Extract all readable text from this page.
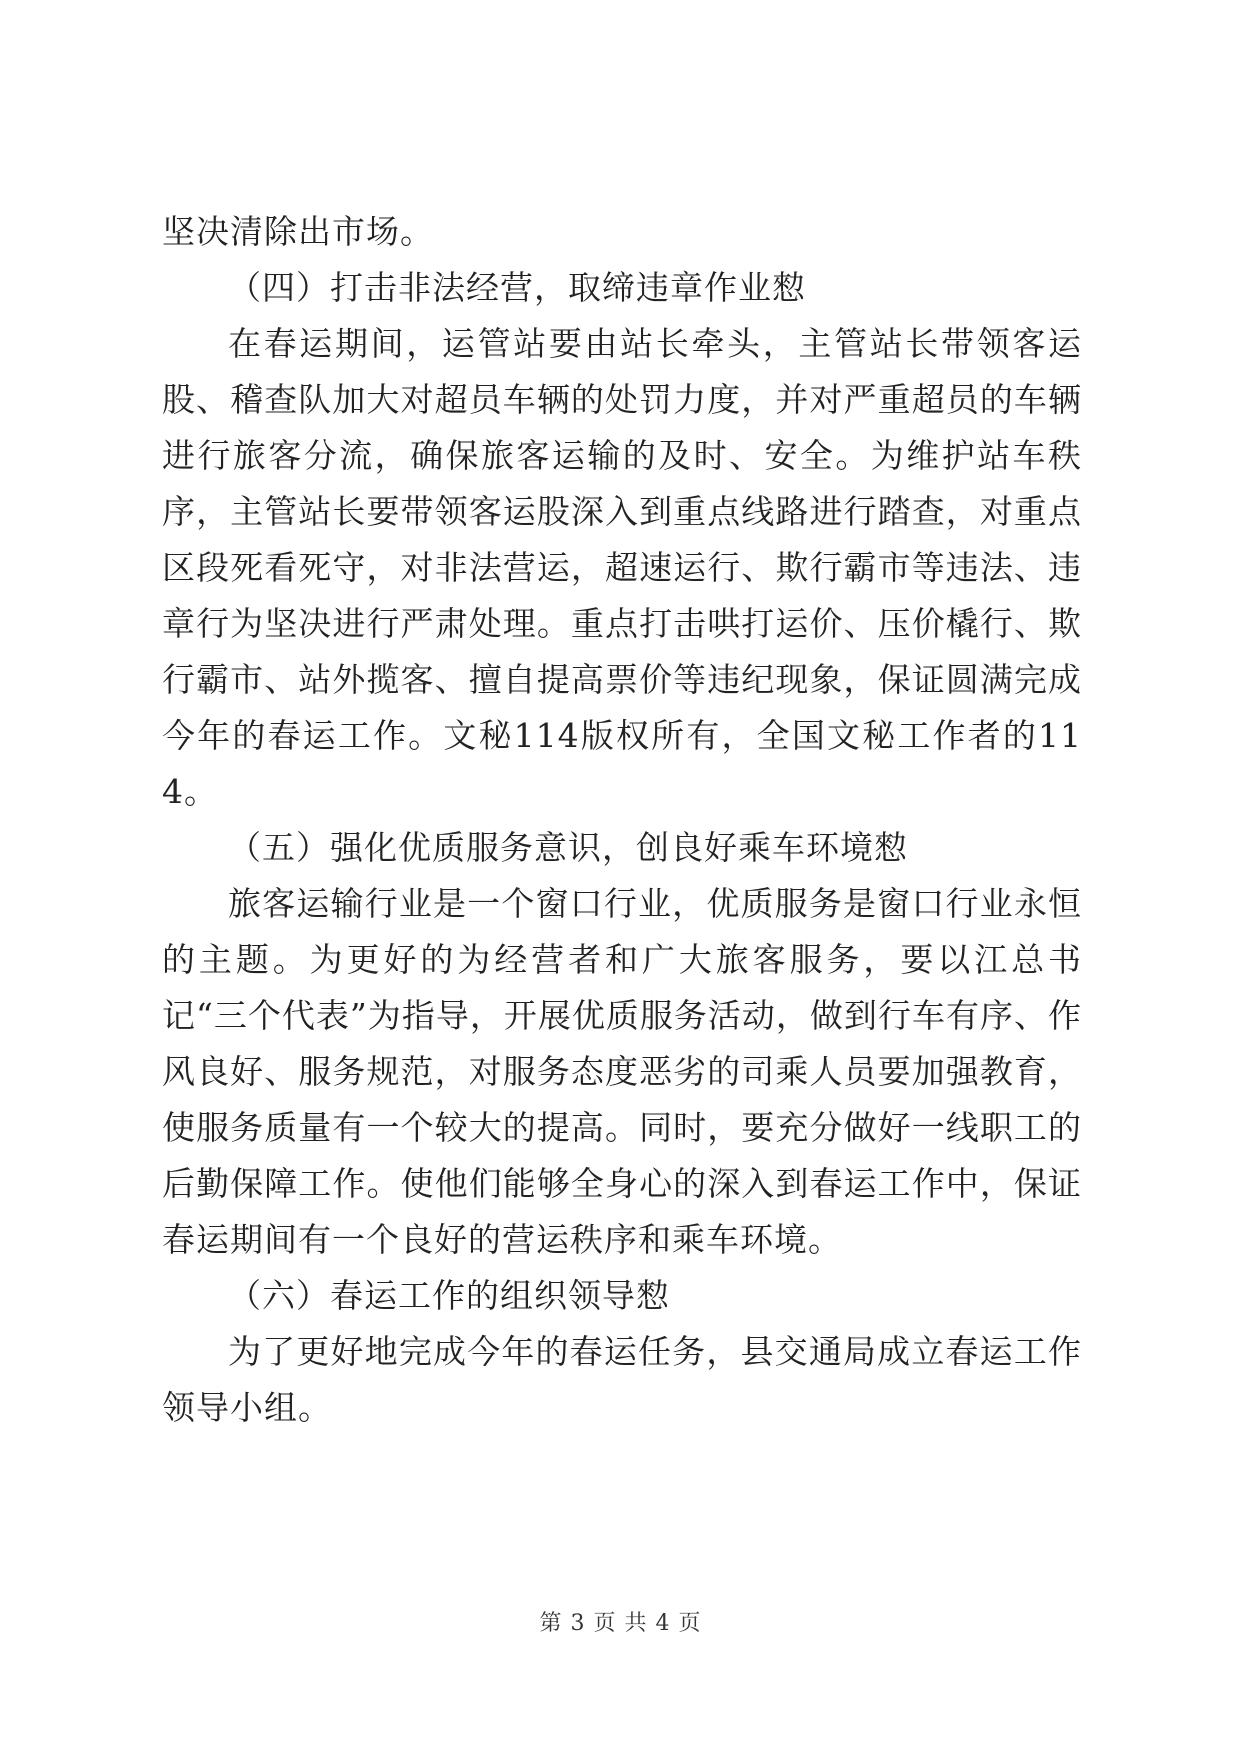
坚决清除出市场。

（四）打击非法经营，取缔违章作业愸

在春运期间，运管站要由站长牵头，主管站长带领客运股、稽查队加大对超员车辆的处罚力度，并对严重超员的车辆进行旅客分流，确保旅客运输的及时、安全。为维护站车秩序，主管站长要带领客运股深入到重点线路进行踏查，对重点区段死看死守，对非法营运，超速运行、欺行霸市等违法、违章行为坚决进行严肃处理。重点打击哄打运价、压价橇行、欺行霸市、站外揽客、擅自提高票价等违纪现象，保证圆满完成今年的春运工作。文秘114版权所有，全国文秘工作者的114。

（五）强化优质服务意识，创良好乘车环境愸

旅客运输行业是一个窗口行业，优质服务是窗口行业永恒的主题。为更好的为经营者和广大旅客服务，要以江总书记“三个代表”为指导，开展优质服务活动，做到行车有序、作风良好、服务规范，对服务态度恶劣的司乘人员要加强教育，使服务质量有一个较大的提高。同时，要充分做好一线职工的后勤保障工作。使他们能够全身心的深入到春运工作中，保证春运期间有一个良好的营运秩序和乘车环境。

（六）春运工作的组织领导愸

为了更好地完成今年的春运任务，县交通局成立春运工作领导小组。

第 3 页 共 4 页
